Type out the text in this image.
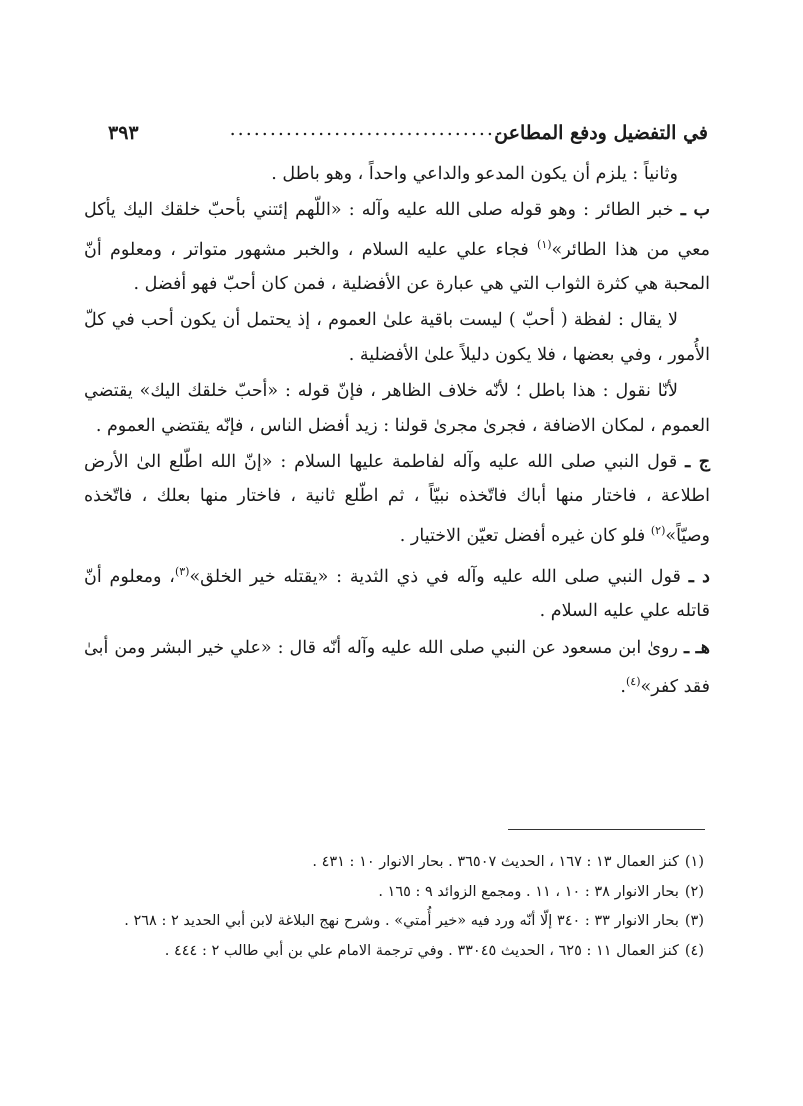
في التفضيل ودفع المطاعن
..................................
٣٩٣

وثانياً : يلزم أن يكون المدعو والداعي واحداً ، وهو باطل .

ب ـ خبر الطائر : وهو قوله صلى الله عليه وآله : «اللّهم إئتني بأحبّ خلقك اليك يأكل معي من هذا الطائر»$^{(١)}$ فجاء علي عليه السلام ، والخبر مشهور متواتر ، ومعلوم أنّ المحبة هي كثرة الثواب التي هي عبارة عن الأفضلية ، فمن كان أحبّ فهو أفضل .

لا يقال : لفظة ( أحبّ ) ليست باقية علىٰ العموم ، إذ يحتمل أن يكون أحب في كلّ الأُمور ، وفي بعضها ، فلا يكون دليلاً علىٰ الأفضلية .

لأنّا نقول : هذا باطل ؛ لأنّه خلاف الظاهر ، فإنّ قوله : «أحبّ خلقك اليك» يقتضي العموم ، لمكان الاضافة ، فجرىٰ مجرىٰ قولنا : زيد أفضل الناس ، فإنّه يقتضي العموم .

ج ـ قول النبي صلى الله عليه وآله لفاطمة عليها السلام : «إنّ الله اطّلع الىٰ الأرض اطلاعة ، فاختار منها أباك فاتّخذه نبيّاً ، ثم اطّلع ثانية ، فاختار منها بعلك ، فاتّخذه وصيّاً»$^{(٢)}$ فلو كان غيره أفضل تعيّن الاختيار .

د ـ قول النبي صلى الله عليه وآله في ذي الثدية : «يقتله خير الخلق»$^{(٣)}$، ومعلوم أنّ قاتله علي عليه السلام .

هـ ـ روىٰ ابن مسعود عن النبي صلى الله عليه وآله أنّه قال : «علي خير البشر ومن أبىٰ فقد كفر»$^{(٤)}$.

(١)كنز العمال ١٣ : ١٦٧ ، الحديث ٣٦٥٠٧ . بحار الانوار ١٠ : ٤٣١ .

(٢)بحار الانوار ٣٨ : ١٠ ، ١١ . ومجمع الزوائد ٩ : ١٦٥ .

(٣)بحار الانوار ٣٣ : ٣٤٠ إلّا أنّه ورد فيه «خير أُمتي» . وشرح نهج البلاغة لابن أبي الحديد ٢ : ٢٦٨ .

(٤)كنز العمال ١١ : ٦٢٥ ، الحديث ٣٣٠٤٥ . وفي ترجمة الامام علي بن أبي طالب ٢ : ٤٤٤ .
